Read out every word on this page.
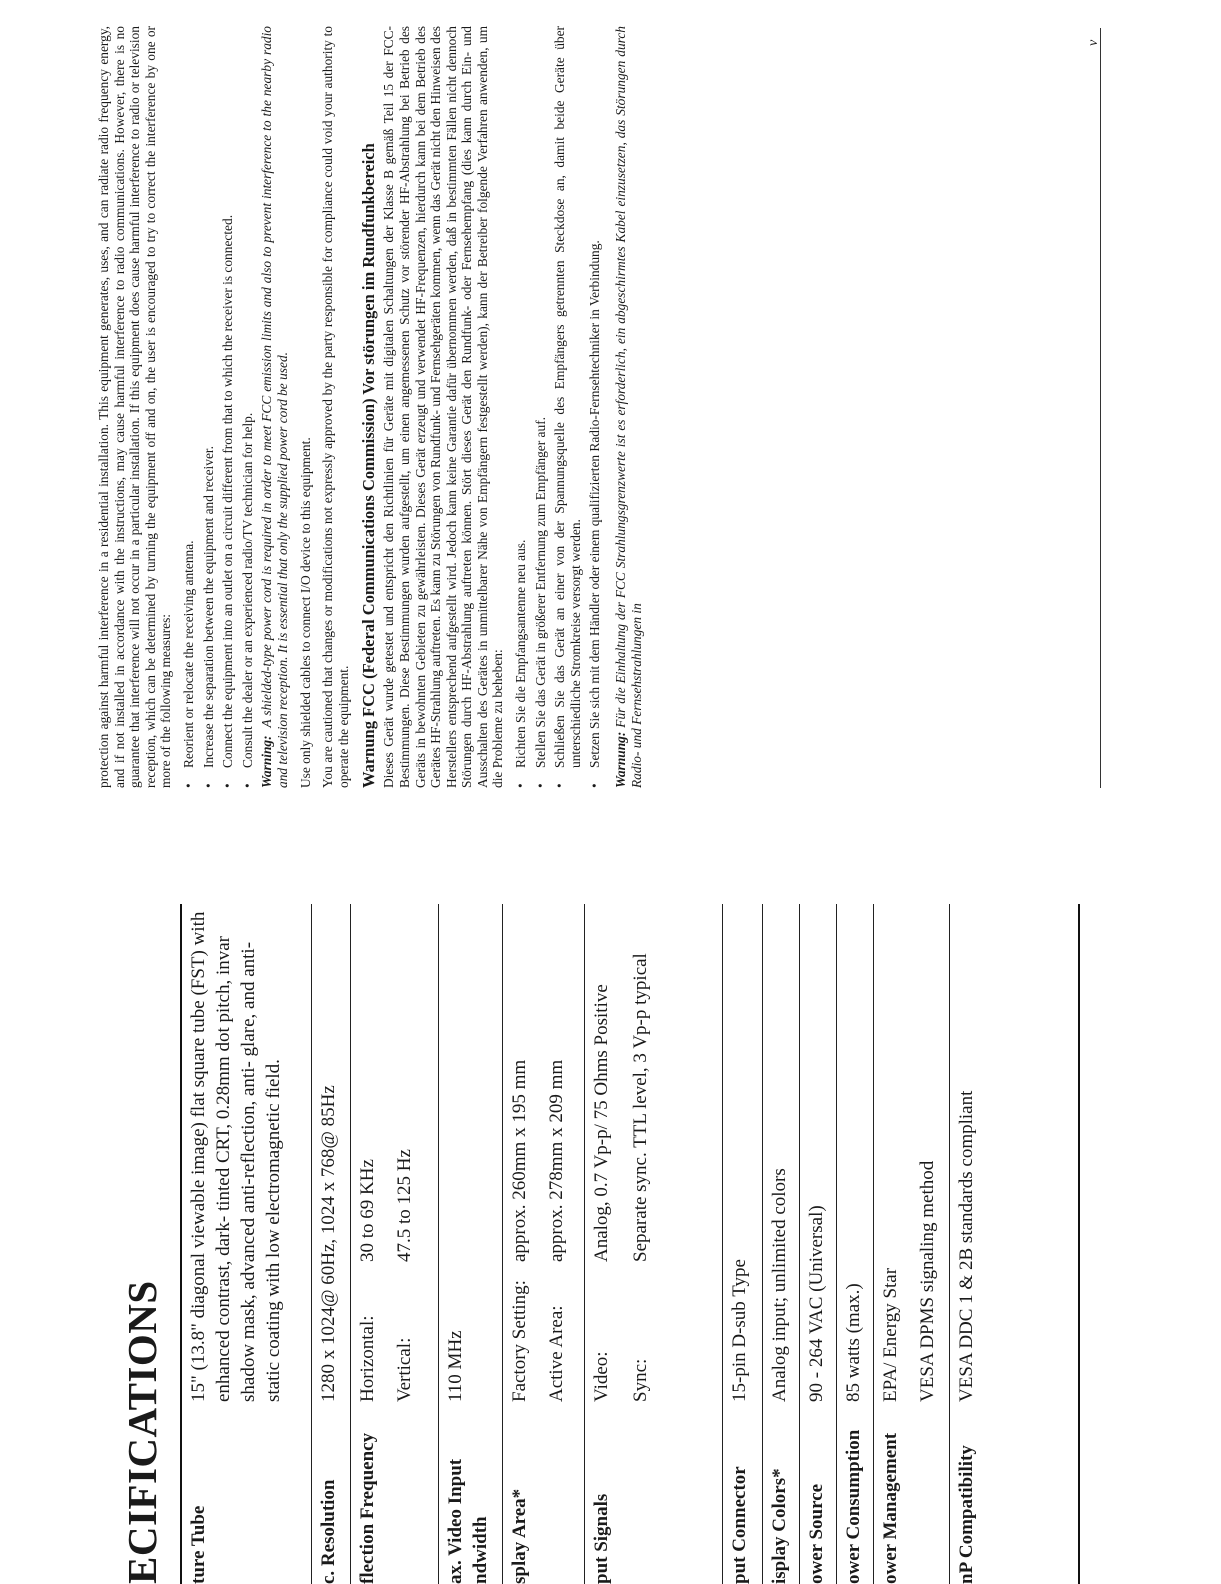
ECIFICATIONS	ture Tube
15" (13.8" diagonal viewable image) flat square tube (FST) with enhanced contrast, dark- tinted CRT, 0.28mm dot pitch, invar shadow mask, advanced anti-reflection, anti- glare, and anti-static coating with low electromagnetic field.
c. Resolution
1280 x 1024@ 60Hz, 1024 x 768@ 85Hz
flection Frequency
Horizontal:
30 to 69 KHz
Vertical:
47.5 to 125 Hz
ax. Video Input ndwidth
110 MHz
splay Area*
Factory Setting:
approx. 260mm x 195 mm
Active Area:
approx. 278mm x 209 mm
put Signals
Video:
Analog, 0.7 Vp-p/ 75 Ohms Positive
Sync:
Separate sync. TTL level, 3 Vp-p typical
put Connector
15-pin D-sub Type
isplay Colors*
Analog input; unlimited colors
ower Source
90 - 264 VAC (Universal)
ower Consumption
85 watts (max.)
ower Management
EPA/ Energy Star VESA DPMS signaling method
nP Compatibility
VESA DDC 1 & 2B standards compliant

protection against harmful interference in a residential installation. This equipment generates, uses, and can radiate radio frequency energy, and if not installed in accordance with the instructions, may cause harmful interference to radio communications. However, there is no guarantee that interference will not occur in a particular installation. If this equipment does cause harmful interference to radio or television reception, which can be determined by turning the equipment off and on, the user is encouraged to try to correct the interference by one or more of the following measures: •
Reorient or relocate the receiving antenna.
•
Increase the separation between the equipment and receiver.
•
Connect the equipment into an outlet on a circuit different from that to which the receiver is connected.
•
Consult the dealer or an experienced radio/TV technician for help. Warning:  A shielded-type power cord is required in order to meet FCC emission limits and also to prevent interference to the nearby radio and television reception. It is essential that only the supplied power cord be used. Use only shielded cables to connect I/O device to this equipment. You are cautioned that changes or modifications not expressly approved by the party responsible for compliance could void your authority to operate the equipment. Warnung FCC (Federal Communications Commission) Vor störungen im Rundfunkbereich Dieses Gerät wurde getestet und entspricht den Richtlinien für Geräte mit digitalen Schaltungen der Klasse B gemäß Teil 15 der FCC-Bestimmungen. Diese Bestimmungen wurden aufgestellt, um einen angemessenen Schutz vor störender HF-Abstrahlung bei Betrieb des Geräts in bewohnten Gebieten zu gewährleisten. Dieses Gerät erzeugt und verwendet HF-Frequenzen, hierdurch kann bei dem Betrieb des Gerätes HF-Strahlung auftreten. Es kann zu Störungen von Rundfunk- und Fernsehgeräten kommen, wenn das Gerät nicht den Hinweisen des Herstellers entsprechend aufgestellt wird. Jedoch kann keine Garantie dafür übernommen werden, daß in bestimmten Fällen nicht dennoch Störungen durch HF-Abstrahlung auftreten können. Stört dieses Gerät den Rundfunk- oder Fernsehempfang (dies kann durch Ein- und Ausschalten des Gerätes in unmittelbarer Nähe von Empfängern festgestellt werden), kann der Betreiber folgende Verfahren anwenden, um die Probleme zu beheben: •
Richten Sie die Empfangsantenne neu aus.
•
Stellen Sie das Gerät in größerer Entfernung zum Empfänger auf.
•
Schließen Sie das Gerät an einer von der Spannungsquelle des Empfängers getrennten Steckdose an, damit beide Geräte über unterschiedliche Stromkreise versorgt werden.
•
Setzen Sie sich mit dem Händler oder einem qualifizierten Radio-Fernsehtechniker in Verbindung. Warnung: Für die Einhaltung der FCC Strahlungsgrenzwerte ist es erforderlich, ein abgeschirmtes Kabel einzusetzen, das Störungen durch Radio- und Fernsehstrahlungen in

v
